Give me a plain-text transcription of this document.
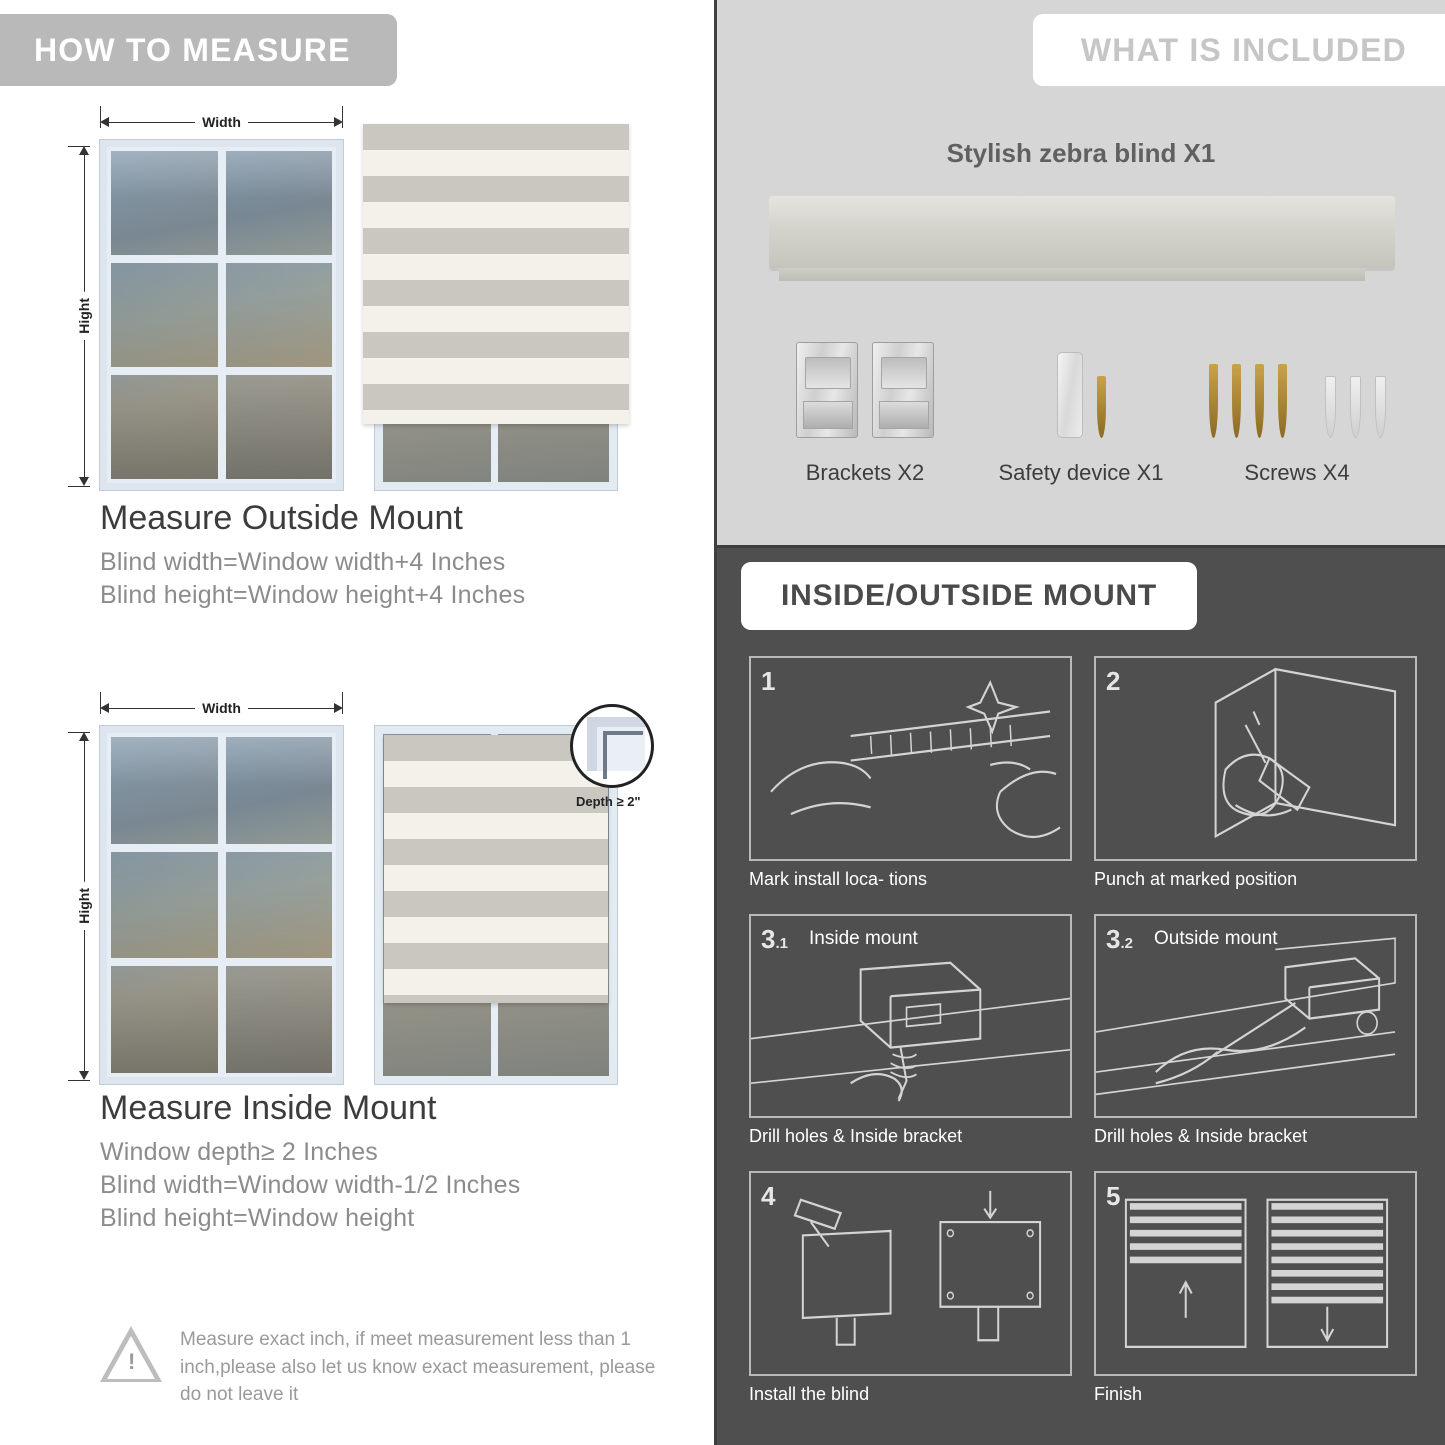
HOW TO MEASURE
Width
Hight
Measure Outside Mount
Blind width=Window width+4 Inches
Blind height=Window height+4 Inches
Width
Hight
Depth ≥ 2"
Measure Inside Mount
Window depth≥ 2 Inches
Blind width=Window width-1/2 Inches
Blind height=Window height
!
Measure exact inch, if meet measurement less than 1 inch,please also let us know exact measurement, please do not leave it
WHAT IS INCLUDED
Stylish zebra blind X1
Brackets X2	Safety device X1	Screws X4
INSIDE/OUTSIDE MOUNT
1
Mark install loca- tions
2
Punch at marked position
3.1 Inside mount
Drill holes & Inside bracket
3.2 Outside mount
Drill holes & Inside bracket
4
Install the blind
5
Finish
